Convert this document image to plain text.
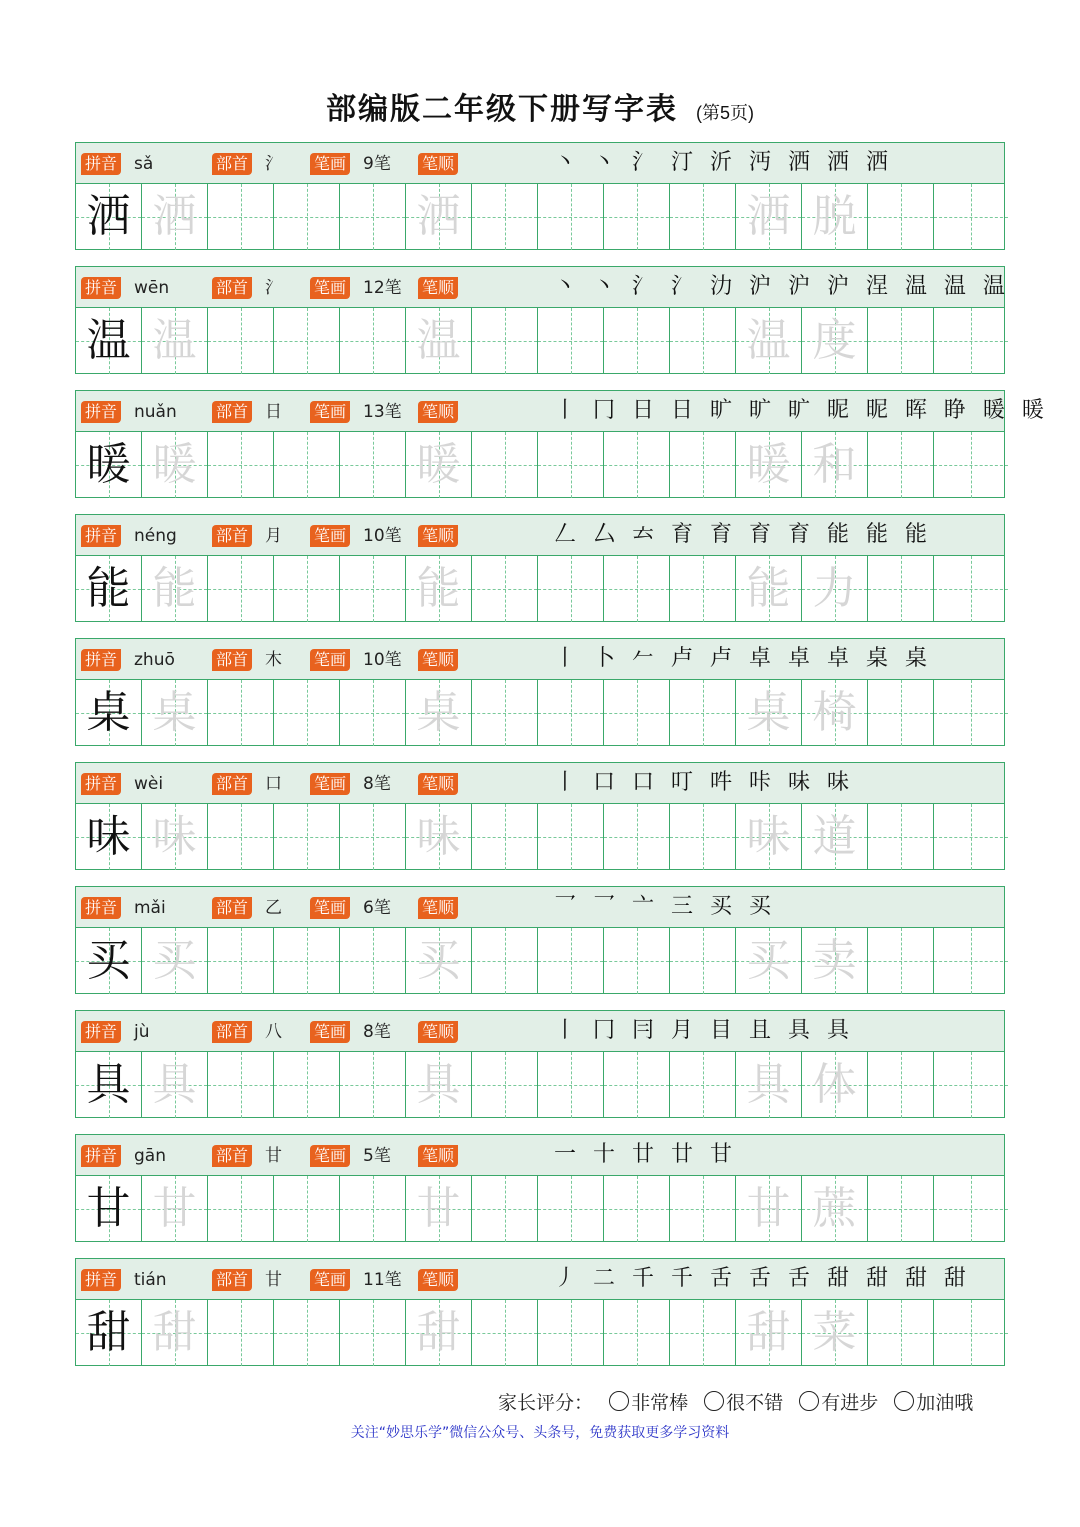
部编版二年级下册写字表 (第5页)
拼音 sǎ	部首 氵 笔画 9笔 笔顺	丶 丶 氵 汀 沂 沔 洒 洒 洒
洒 洒	洒	洒 脱
拼音 wēn	部首 氵 笔画 12笔 笔顺	丶 丶 氵 氵 氻 沪 沪 沪 涅 温 温 温
温 温	温	温 度
拼音 nuǎn 部首 日 笔画 13笔 笔顺	丨 冂 日 日 旷 旷 旷 昵 昵 晖 睁 暖 暖
暖 暖	暖	暖 和
拼音 néng 部首 月 笔画 10笔 笔顺	𠃋 厶 𠫓 育 育 育 育 能 能 能
能 能	能	能 力
拼音 zhuō	部首 木 笔画 10笔 笔顺	丨 卜 𠂉 卢 卢 卓 卓 卓 桌 桌
桌 桌	桌	桌 椅
拼音 wèi	部首 口 笔画 8笔 笔顺	丨 口 口 叮 吽 咔 味 味
味 味	味	味 道
拼音 mǎi	部首 乙 笔画 6笔 笔顺	乛 乛 亠 三 买 买
买 买	买	买 卖
拼音 jù	部首 八 笔画 8笔 笔顺	丨 冂 冃 月 目 且 具 具
具 具	具	具 体
拼音 gān	部首 甘 笔画 5笔 笔顺	一 十 廿 廿 甘
甘 甘	甘	甘 蔗
拼音 tián	部首 甘 笔画 11笔 笔顺	丿 二 千 千 舌 舌 舌 甜 甜 甜 甜
甜 甜	甜	甜 菜
家长评分： 非常棒 很不错 有进步 加油哦
关注“妙思乐学”微信公众号、头条号，免费获取更多学习资料
